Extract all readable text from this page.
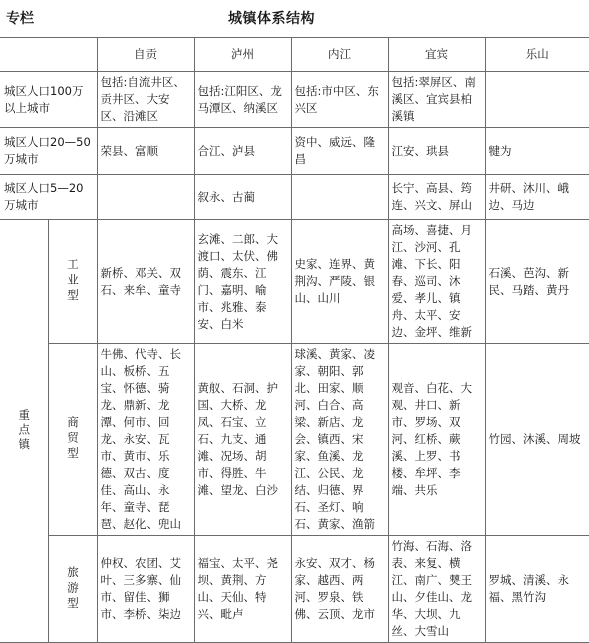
专栏	城镇体系结构
		自贡	泸州	内江	宜宾	乐山
城区人口100万以上城市		包括:自流井区、贡井区、大安区、沿滩区	包括:江阳区、龙马潭区、纳溪区	包括:市中区、东兴区	包括:翠屏区、南溪区、宜宾县柏溪镇	
城区人口20—50万城市		荣县、富顺	合江、泸县	资中、威远、隆昌	江安、珙县	犍为
城区人口5—20万城市			叙永、古蔺		长宁、高县、筠连、兴文、屏山	井研、沐川、峨边、马边

重点镇	工业型	新桥、邓关、双石、来牟、童寺	玄滩、二郎、大渡口、太伏、佛荫、震东、江门、嘉明、喻市、兆雅、泰安、白米	史家、连界、黄荆沟、严陵、银山、山川	高场、喜捷、月江、沙河、孔滩、下长、阳春、巡司、沐爱、孝儿、镇舟、太平、安边、金坪、维新	石溪、芭沟、新民、马踏、黄丹

	商贸型	牛佛、代寺、长山、板桥、五宝、怀德、骑龙、鼎新、龙潭、何市、回龙、永安、瓦市、黄市、乐德、双古、度佳、高山、永年、童寺、琵琶、赵化、兜山	黄舣、石洞、护国、大桥、龙凤、石宝、立石、九支、通滩、况场、胡市、得胜、牛滩、望龙、白沙	球溪、黄家、凌家、朝阳、郭北、田家、顺河、白合、高梁、新店、龙会、镇西、宋家、鱼溪、龙江、公民、龙结、归德、界石、圣灯、响石、黄家、渔箭	观音、白花、大观、井口、新市、罗场、双河、红桥、蕨溪、上罗、书楼、牟坪、李端、共乐	竹园、沐溪、周坡

	旅游型	仲权、农团、艾叶、三多寨、仙市、留佳、狮市、李桥、柒边	福宝、太平、尧坝、黄荆、方山、天仙、特兴、毗卢	永安、双才、杨家、越西、两河、罗泉、铁佛、云顶、龙市	竹海、石海、洛表、来复、横江、南广、僰王山、夕佳山、龙华、大坝、九丝、大雪山	罗城、清溪、永福、黑竹沟
